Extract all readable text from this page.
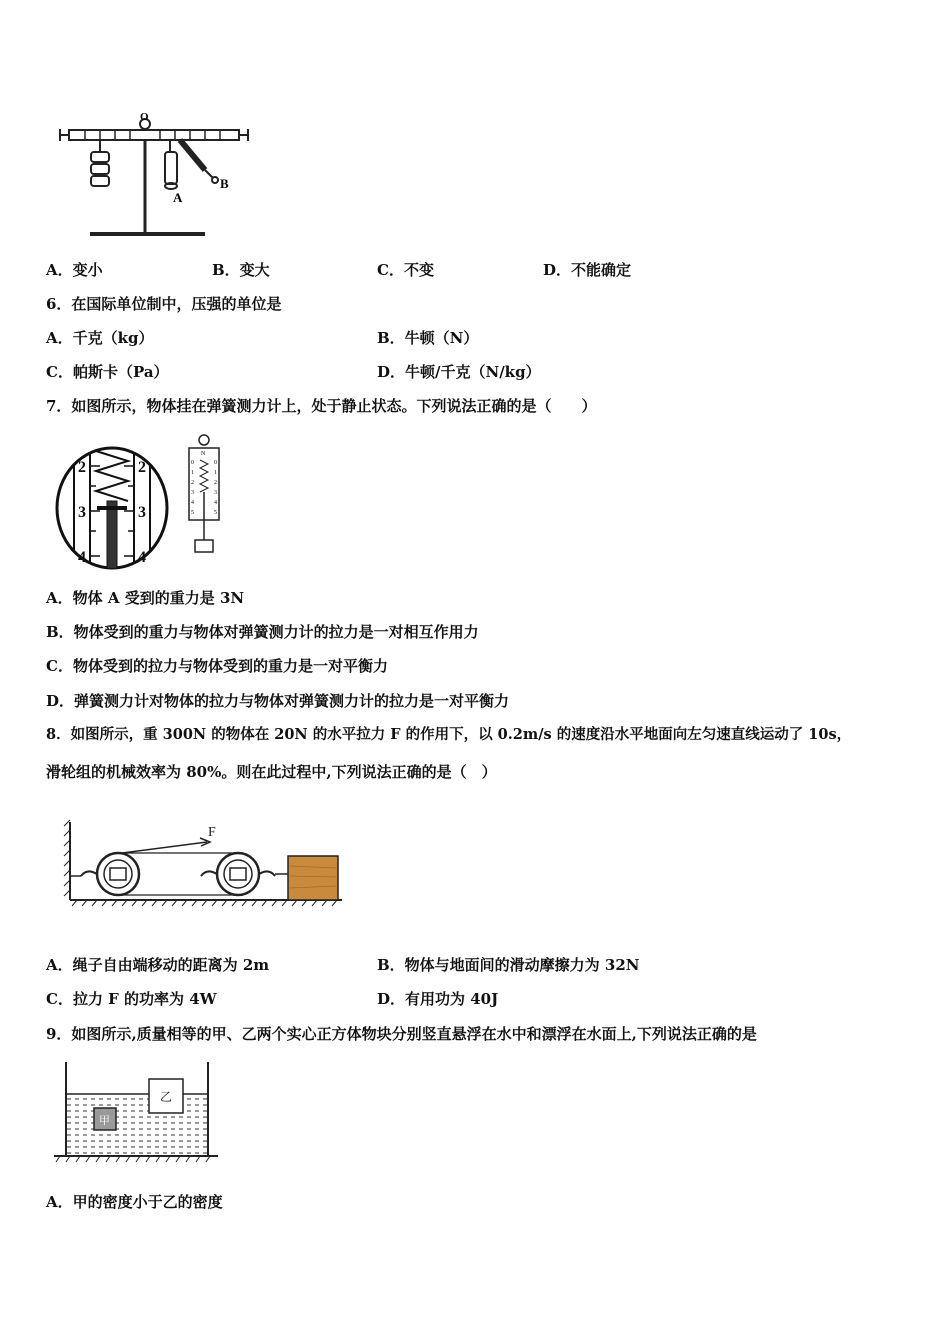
O
A
B
A．变小	B．变大	C．不变	D．不能确定
6．在国际单位制中，压强的单位是
A．千克（kg）	B．牛顿（N）
C．帕斯卡（Pa）	D．牛顿/千克（N/kg）
7．如图所示，物体挂在弹簧测力计上，处于静止状态。下列说法正确的是（　　）
2	2
3	3
4	4
N
0	0
1	1
2	2
3	3
4	4
5	5
A．物体 A 受到的重力是 3N
B．物体受到的重力与物体对弹簧测力计的拉力是一对相互作用力
C．物体受到的拉力与物体受到的重力是一对平衡力
D．弹簧测力计对物体的拉力与物体对弹簧测力计的拉力是一对平衡力
8．如图所示，重 300N 的物体在 20N 的水平拉力 F 的作用下，以 0.2m/s 的速度沿水平地面向左匀速直线运动了 10s，
滑轮组的机械效率为 80%。则在此过程中,下列说法正确的是（　）
F
A．绳子自由端移动的距离为 2m	B．物体与地面间的滑动摩擦力为 32N
C．拉力 F 的功率为 4W	D．有用功为 40J
9．如图所示,质量相等的甲、乙两个实心正方体物块分别竖直悬浮在水中和漂浮在水面上,下列说法正确的是
甲
乙
A．甲的密度小于乙的密度
